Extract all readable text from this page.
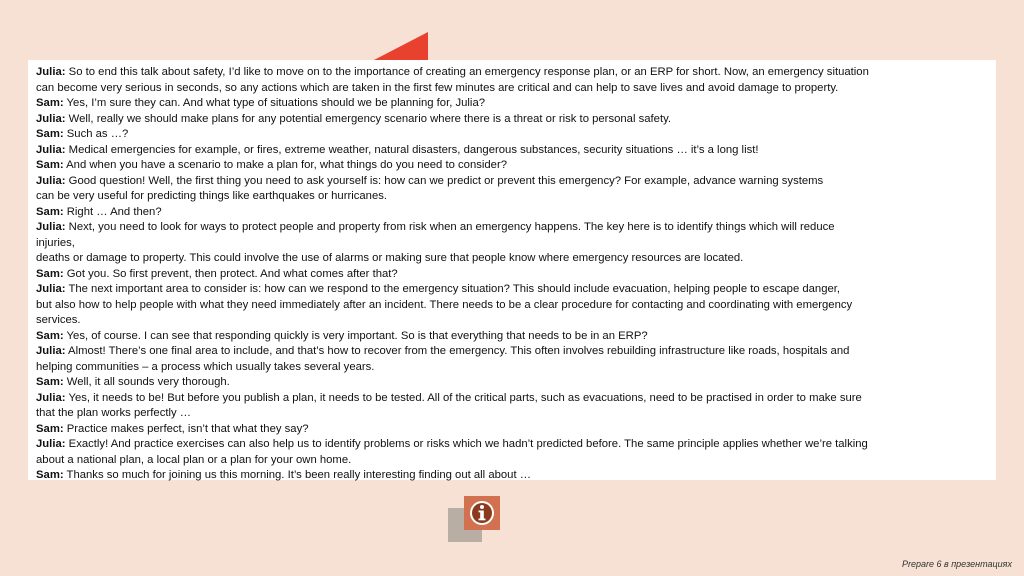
Julia: So to end this talk about safety, I’d like to move on to the importance of creating an emergency response plan, or an ERP for short. Now, an emergency situation
can become very serious in seconds, so any actions which are taken in the first few minutes are critical and can help to save lives and avoid damage to property.
Sam: Yes, I’m sure they can. And what type of situations should we be planning for, Julia?
Julia: Well, really we should make plans for any potential emergency scenario where there is a threat or risk to personal safety.
Sam: Such as …?
Julia: Medical emergencies for example, or fires, extreme weather, natural disasters, dangerous substances, security situations … it’s a long list!
Sam: And when you have a scenario to make a plan for, what things do you need to consider?
Julia: Good question! Well, the first thing you need to ask yourself is: how can we predict or prevent this emergency? For example, advance warning systems
can be very useful for predicting things like earthquakes or hurricanes.
Sam: Right … And then?
Julia: Next, you need to look for ways to protect people and property from risk when an emergency happens. The key here is to identify things which will reduce
injuries,
deaths or damage to property. This could involve the use of alarms or making sure that people know where emergency resources are located.
Sam: Got you. So first prevent, then protect. And what comes after that?
Julia: The next important area to consider is: how can we respond to the emergency situation? This should include evacuation, helping people to escape danger,
but also how to help people with what they need immediately after an incident. There needs to be a clear procedure for contacting and coordinating with emergency
services.
Sam: Yes, of course. I can see that responding quickly is very important. So is that everything that needs to be in an ERP?
Julia: Almost! There’s one final area to include, and that’s how to recover from the emergency. This often involves rebuilding infrastructure like roads, hospitals and
helping communities – a process which usually takes several years.
Sam: Well, it all sounds very thorough.
Julia: Yes, it needs to be! But before you publish a plan, it needs to be tested. All of the critical parts, such as evacuations, need to be practised in order to make sure
that the plan works perfectly …
Sam: Practice makes perfect, isn’t that what they say?
Julia: Exactly! And practice exercises can also help us to identify problems or risks which we hadn’t predicted before. The same principle applies whether we’re talking
about a national plan, a local plan or a plan for your own home.
Sam: Thanks so much for joining us this morning. It’s been really interesting finding out all about …
Prepare 6 в презентациях
